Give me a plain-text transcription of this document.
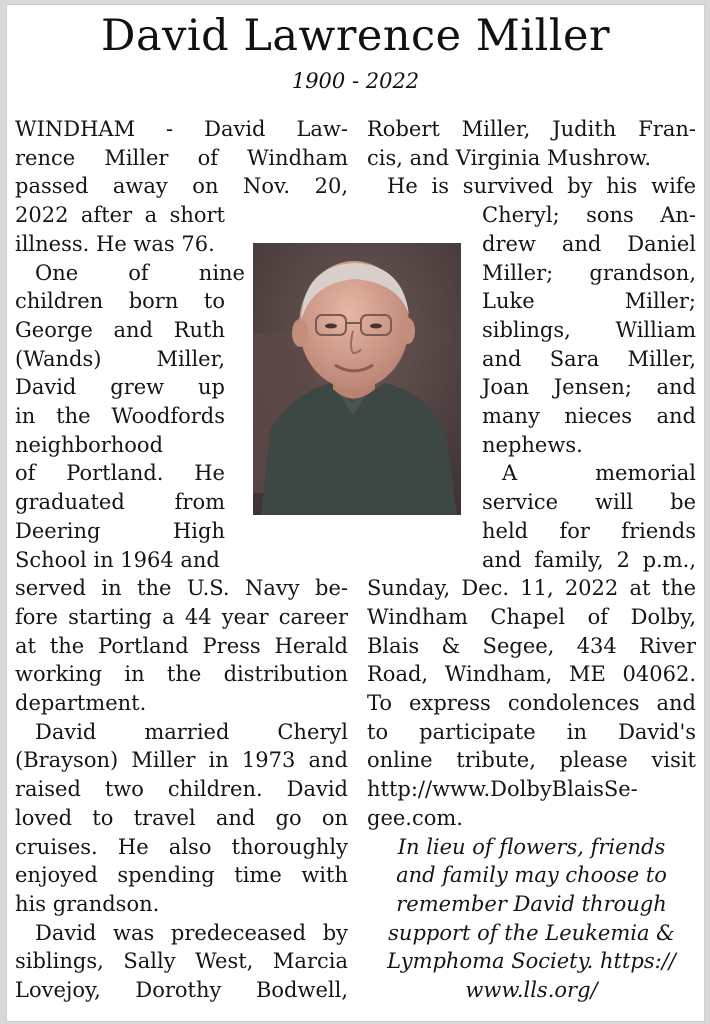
David Lawrence Miller
1900 - 2022

WINDHAM - David Law-

rence Miller of Windham

passed away on Nov. 20,

2022 after a short

illness. He was 76.

One of nine

children born to

George and Ruth

(Wands) Miller,

David grew up

in the Woodfords

neighborhood

of Portland. He

graduated from

Deering High

School in 1964 and

served in the U.S. Navy be-

fore starting a 44 year career

at the Portland Press Herald

working in the distribution

department.

David married Cheryl

(Brayson) Miller in 1973 and

raised two children. David

loved to travel and go on

cruises. He also thoroughly

enjoyed spending time with

his grandson.

David was predeceased by

siblings, Sally West, Marcia

Lovejoy, Dorothy Bodwell,

Robert Miller, Judith Fran-

cis, and Virginia Mushrow.

He is survived by his wife

Cheryl; sons An-

drew and Daniel

Miller; grandson,

Luke Miller;

siblings, William

and Sara Miller,

Joan Jensen; and

many nieces and

nephews.

A memorial

service will be

held for friends

and family, 2 p.m.,

Sunday, Dec. 11, 2022 at the

Windham Chapel of Dolby,

Blais & Segee, 434 River

Road, Windham, ME 04062.

To express condolences and

to participate in David's

online tribute, please visit

http://www.DolbyBlaisSe-

gee.com.

In lieu of flowers, friends

and family may choose to

remember David through

support of the Leukemia &

Lymphoma Society. https://

www.lls.org/
